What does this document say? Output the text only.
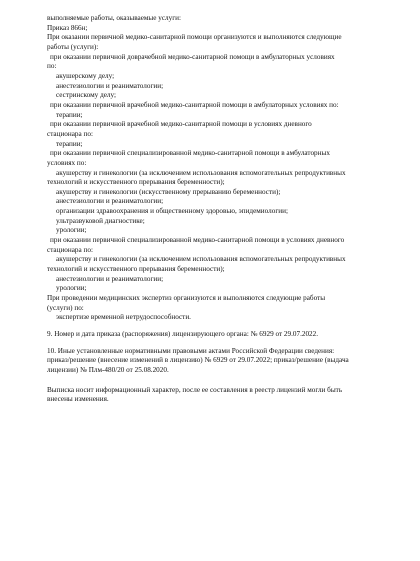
выполняемые работы, оказываемые услуги:
Приказ 866н;
При оказании первичной медико-санитарной помощи организуются и выполняются следующие
работы (услуги):
при оказании первичной доврачебной медико-санитарной помощи в амбулаторных условиях
по:
акушерскому делу;
анестезиологии и реаниматологии;
сестринскому делу;
при оказании первичной врачебной медико-санитарной помощи в амбулаторных условиях по:
терапии;
при оказании первичной врачебной медико-санитарной помощи в условиях дневного
стационара по:
терапии;
при оказании первичной специализированной медико-санитарной помощи в амбулаторных
условиях по:
акушерству и гинекологии (за исключением использования вспомогательных репродуктивных
технологий и искусственного прерывания беременности);
акушерству и гинекологии (искусственному прерыванию беременности);
анестезиологии и реаниматологии;
организации здравоохранения и общественному здоровью, эпидемиологии;
ультразвуковой диагностике;
урологии;
при оказании первичной специализированной медико-санитарной помощи в условиях дневного
стационара по:
акушерству и гинекологии (за исключением использования вспомогательных репродуктивных
технологий и искусственного прерывания беременности);
анестезиологии и реаниматологии;
урологии;
При проведении медицинских экспертиз организуются и выполняются следующие работы
(услуги) по:
экспертизе временной нетрудоспособности.
9. Номер и дата приказа (распоряжения) лицензирующего органа: № 6929 от 29.07.2022.
10. Иные установленные нормативными правовыми актами Российской Федерации сведения:
приказ/решение (внесение изменений в лицензию) № 6929 от 29.07.2022; приказ/решение (выдача
лицензии) № Плм-480/20 от 25.08.2020.
Выписка носит информационный характер, после ее составления в реестр лицензий могли быть
внесены изменения.
